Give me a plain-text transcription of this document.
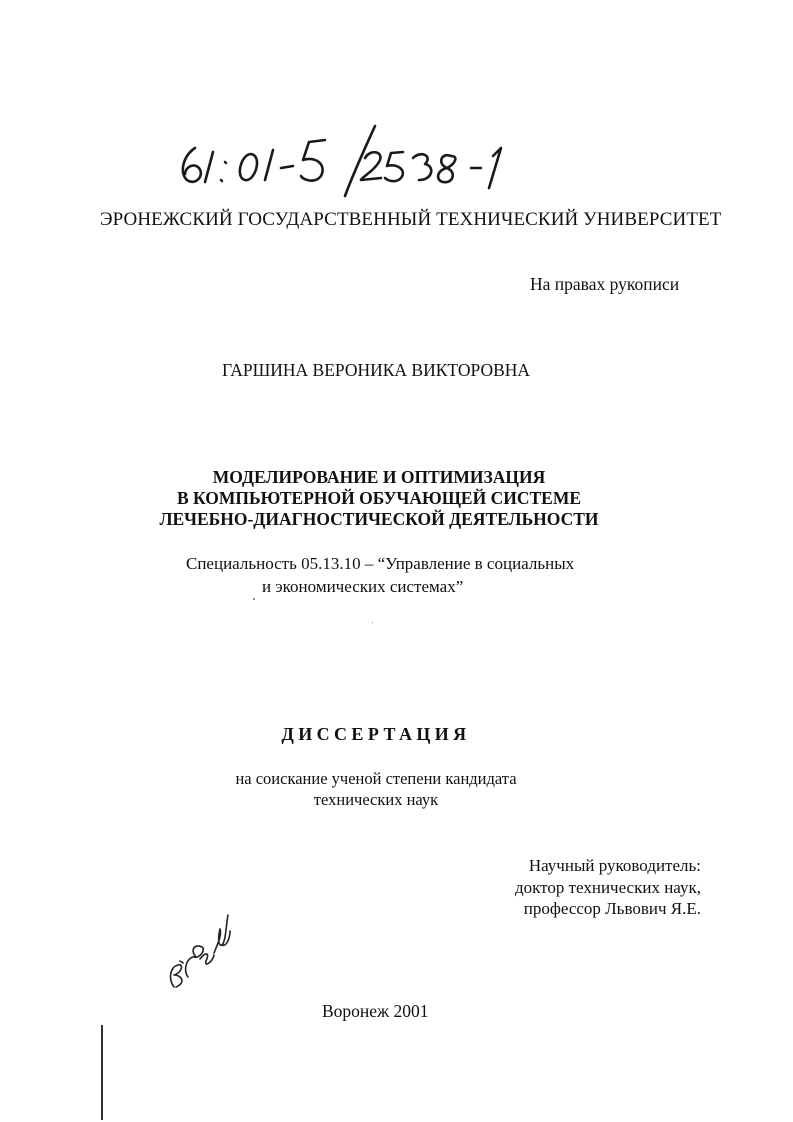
ЭРОНЕЖСКИЙ ГОСУДАРСТВЕННЫЙ ТЕХНИЧЕСКИЙ УНИВЕРСИТЕТ
На правах рукописи
ГАРШИНА ВЕРОНИКА ВИКТОРОВНА
МОДЕЛИРОВАНИЕ И ОПТИМИЗАЦИЯ
В КОМПЬЮТЕРНОЙ ОБУЧАЮЩЕЙ СИСТЕМЕ
ЛЕЧЕБНО-ДИАГНОСТИЧЕСКОЙ ДЕЯТЕЛЬНОСТИ
Специальность 05.13.10 – “Управление в социальных
и экономических системах”
ДИССЕРТАЦИЯ
на соискание ученой степени кандидата
технических наук
Научный руководитель:
доктор технических наук,
профессор Львович Я.Е.
Воронеж 2001
